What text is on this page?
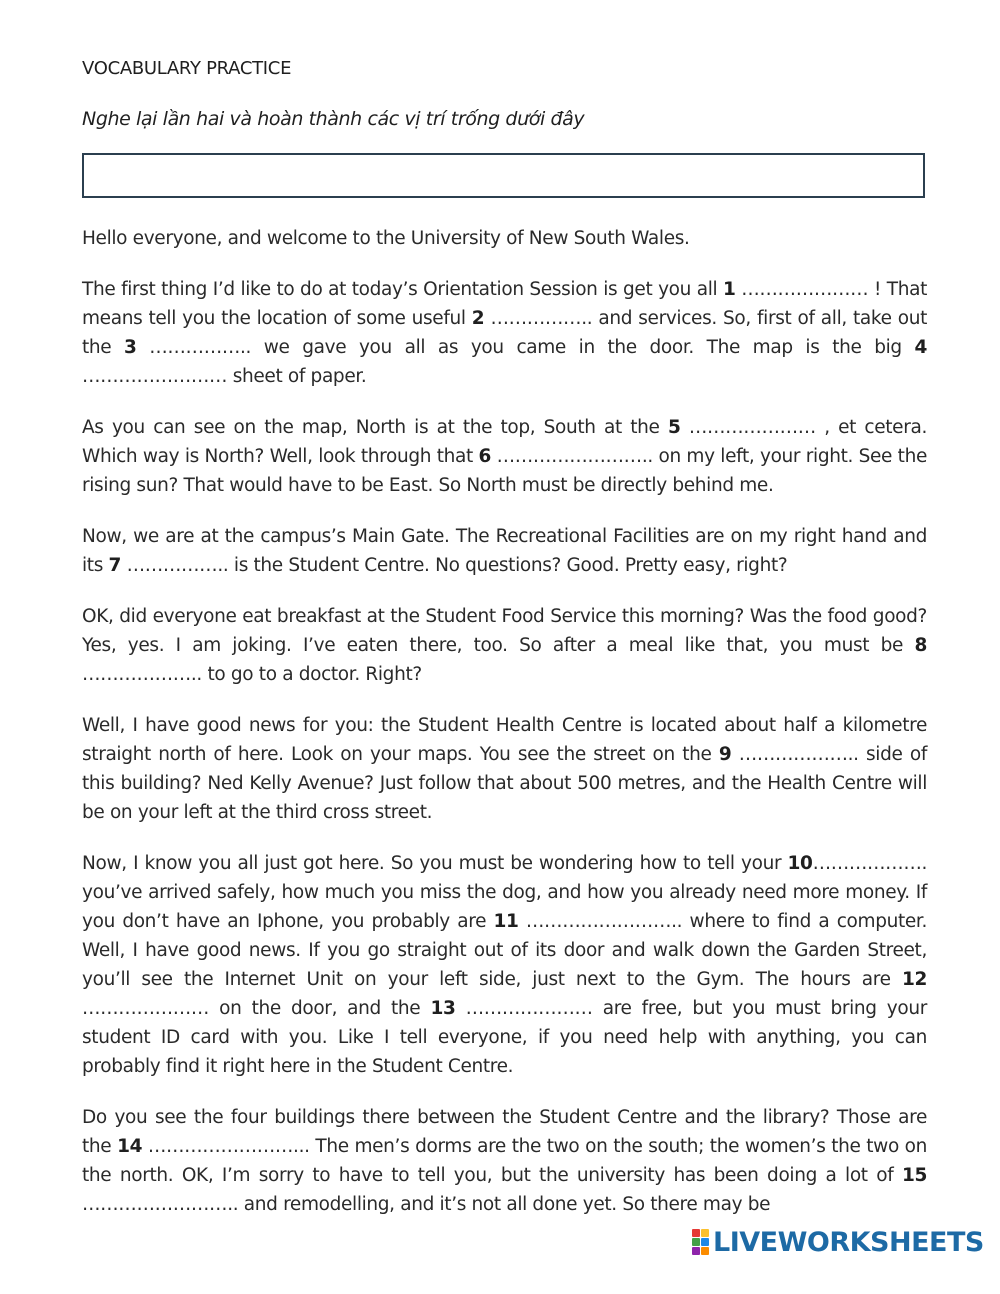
VOCABULARY PRACTICE
Nghe lại lần hai và hoàn thành các vị trí trống dưới đây

Hello everyone, and welcome to the University of New South Wales.

The first thing I’d like to do at today’s Orientation Session is get you all 1 ………………… ! That means tell you the location of some useful 2 …………….. and services. So, first of all, take out the 3 …………….. we gave you all as you came in the door. The map is the big 4 …………………… sheet of paper.

As you can see on the map, North is at the top, South at the 5 ………………… , et cetera. Which way is North? Well, look through that 6 …………………….. on my left, your right. See the rising sun? That would have to be East. So North must be directly behind me.

Now, we are at the campus’s Main Gate. The Recreational Facilities are on my right hand and its 7 …………….. is the Student Centre. No questions? Good. Pretty easy, right?

OK, did everyone eat breakfast at the Student Food Service this morning? Was the food good? Yes, yes. I am joking. I’ve eaten there, too. So after a meal like that, you must be 8 ……………….. to go to a doctor. Right?

Well, I have good news for you: the Student Health Centre is located about half a kilometre straight north of here. Look on your maps. You see the street on the 9 ……………….. side of this building? Ned Kelly Avenue? Just follow that about 500 metres, and the Health Centre will be on your left at the third cross street.

Now, I know you all just got here. So you must be wondering how to tell your 10………………. you’ve arrived safely, how much you miss the dog, and how you already need more money. If you don’t have an Iphone, you probably are 11 …………………….. where to find a computer. Well, I have good news. If you go straight out of its door and walk down the Garden Street, you’ll see the Internet Unit on your left side, just next to the Gym. The hours are 12 ………………… on the door, and the 13 ………………… are free, but you must bring your student ID card with you. Like I tell everyone, if you need help with anything, you can probably find it right here in the Student Centre.

Do you see the four buildings there between the Student Centre and the library? Those are the 14 ……………………... The men’s dorms are the two on the south; the women’s the two on the north. OK, I’m sorry to have to tell you, but the university has been doing a lot of 15 …………………….. and remodelling, and it’s not all done yet. So there may be

LIVEWORKSHEETS
